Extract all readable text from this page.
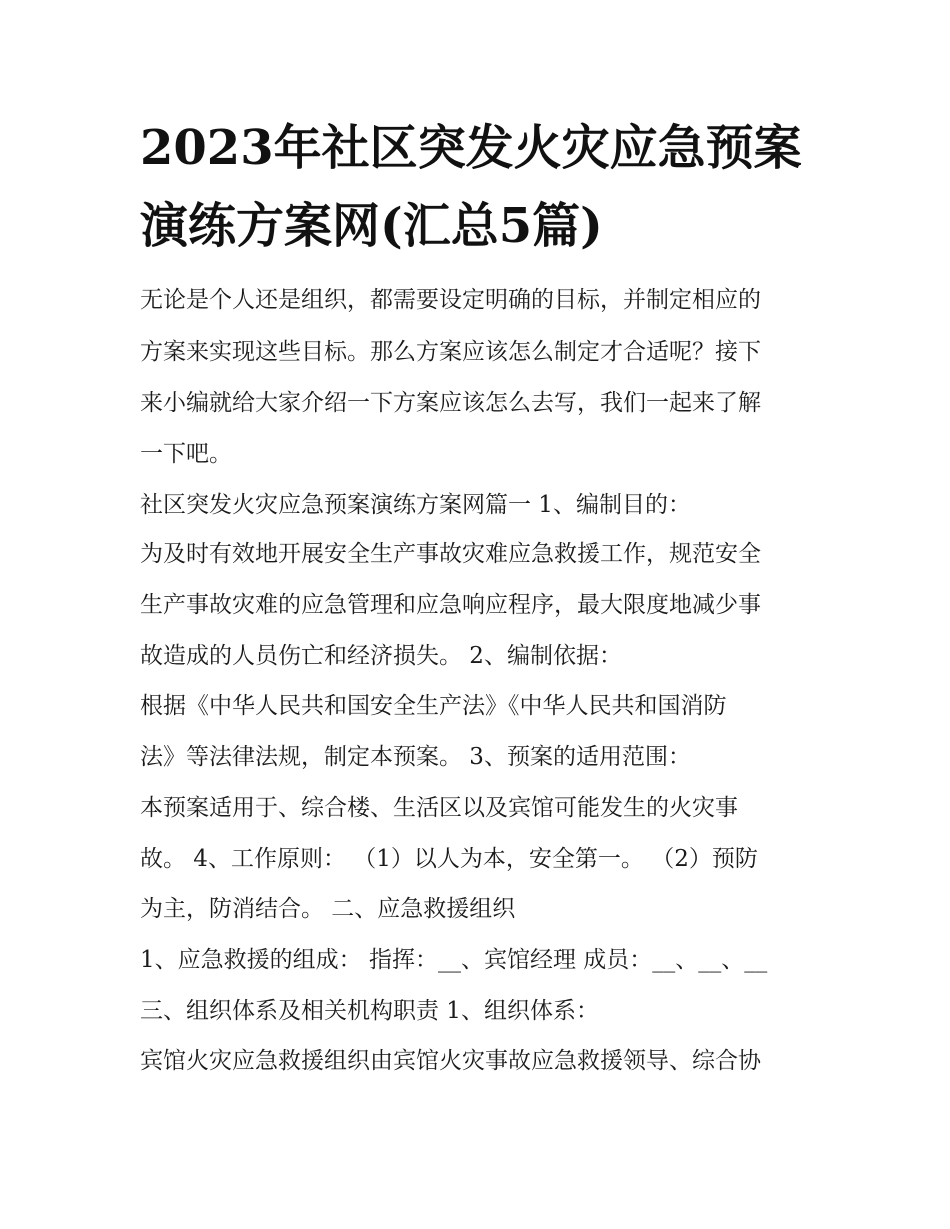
2023年社区突发火灾应急预案
演练方案网(汇总5篇)

无论是个人还是组织，都需要设定明确的目标，并制定相应的

方案来实现这些目标。那么方案应该怎么制定才合适呢？接下

来小编就给大家介绍一下方案应该怎么去写，我们一起来了解

一下吧。

社区突发火灾应急预案演练方案网篇一 1、编制目的：

为及时有效地开展安全生产事故灾难应急救援工作，规范安全

生产事故灾难的应急管理和应急响应程序，最大限度地减少事

故造成的人员伤亡和经济损失。 2、编制依据：

根据《中华人民共和国安全生产法》《中华人民共和国消防

法》等法律法规，制定本预案。 3、预案的适用范围：

本预案适用于、综合楼、生活区以及宾馆可能发生的火灾事

故。 4、工作原则： （1）以人为本，安全第一。 （2）预防

为主，防消结合。 二、应急救援组织

1、应急救援的组成： 指挥：__、宾馆经理 成员：__、__、__

三、组织体系及相关机构职责 1、组织体系：

宾馆火灾应急救援组织由宾馆火灾事故应急救援领导、综合协
